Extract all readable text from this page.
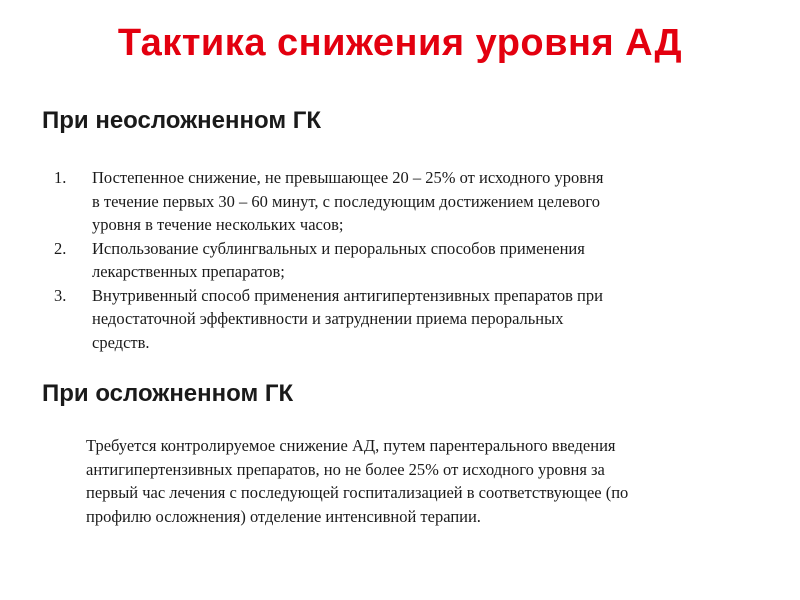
Тактика снижения уровня АД
При неосложненном ГК
1. Постепенное снижение, не превышающее 20 – 25% от исходного уровня
в течение первых 30 – 60 минут, с последующим достижением целевого
уровня в течение нескольких часов;
2. Использование сублингвальных и пероральных способов применения
лекарственных препаратов;
3. Внутривенный способ применения антигипертензивных препаратов при
недостаточной эффективности и затруднении приема пероральных
средств.
При осложненном ГК

Требуется контролируемое снижение АД, путем парентерального введения
антигипертензивных препаратов, но не более 25% от исходного уровня за
первый час лечения с последующей госпитализацией в соответствующее (по
профилю осложнения) отделение интенсивной терапии.
